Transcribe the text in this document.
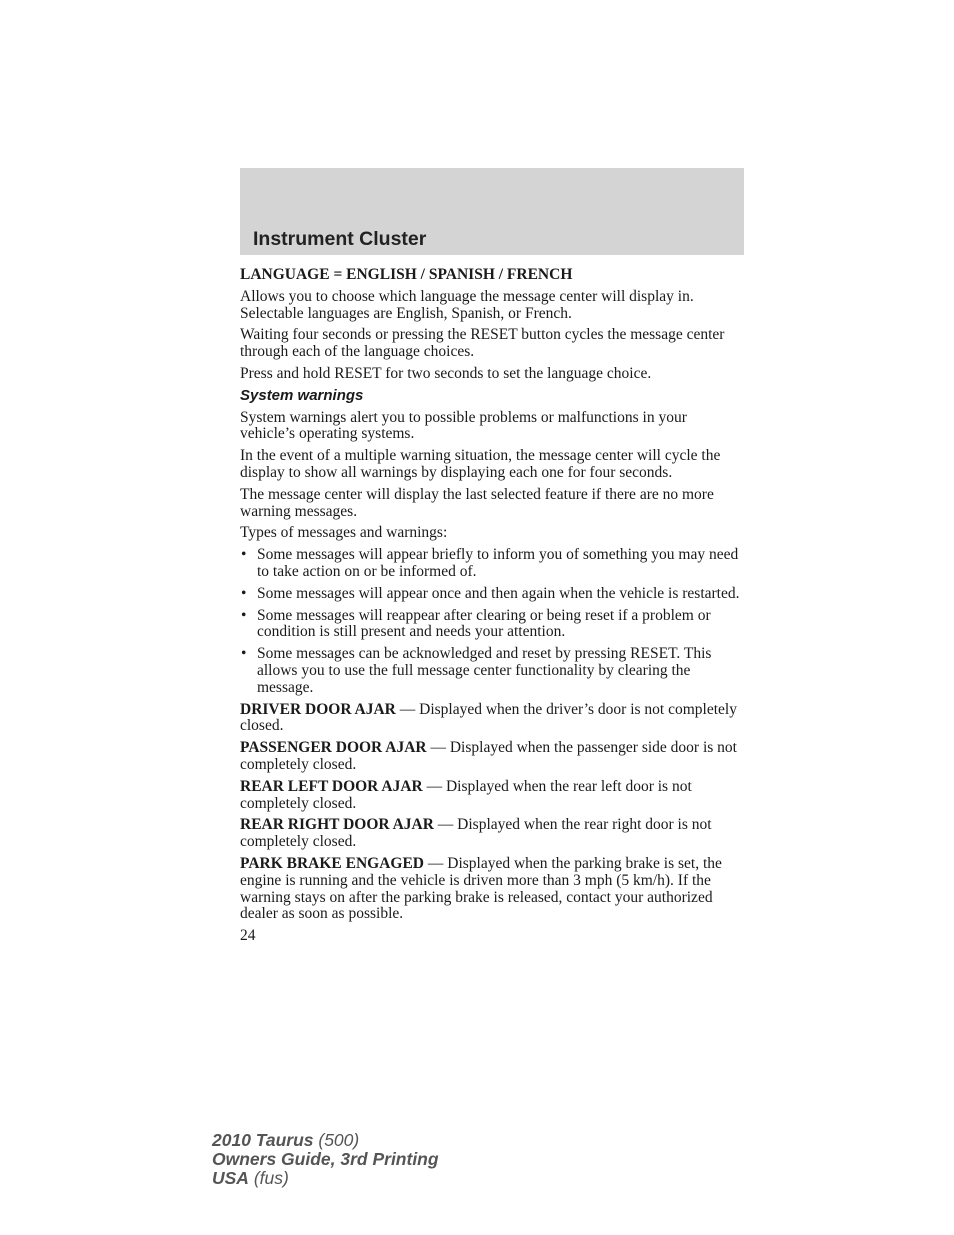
Instrument Cluster

LANGUAGE = ENGLISH / SPANISH / FRENCH

Allows you to choose which language the message center will display in. Selectable languages are English, Spanish, or French.

Waiting four seconds or pressing the RESET button cycles the message center through each of the language choices.

Press and hold RESET for two seconds to set the language choice.

System warnings

System warnings alert you to possible problems or malfunctions in your vehicle’s operating systems.

In the event of a multiple warning situation, the message center will cycle the display to show all warnings by displaying each one for four seconds.

The message center will display the last selected feature if there are no more warning messages.

Types of messages and warnings:

• Some messages will appear briefly to inform you of something you may need to take action on or be informed of.
• Some messages will appear once and then again when the vehicle is restarted.
• Some messages will reappear after clearing or being reset if a problem or condition is still present and needs your attention.
• Some messages can be acknowledged and reset by pressing RESET. This allows you to use the full message center functionality by clearing the message.

DRIVER DOOR AJAR — Displayed when the driver’s door is not completely closed.

PASSENGER DOOR AJAR — Displayed when the passenger side door is not completely closed.

REAR LEFT DOOR AJAR — Displayed when the rear left door is not completely closed.

REAR RIGHT DOOR AJAR — Displayed when the rear right door is not completely closed.

PARK BRAKE ENGAGED — Displayed when the parking brake is set, the engine is running and the vehicle is driven more than 3 mph (5 km/h). If the warning stays on after the parking brake is released, contact your authorized dealer as soon as possible.

24
2010 Taurus (500)
Owners Guide, 3rd Printing
USA (fus)
